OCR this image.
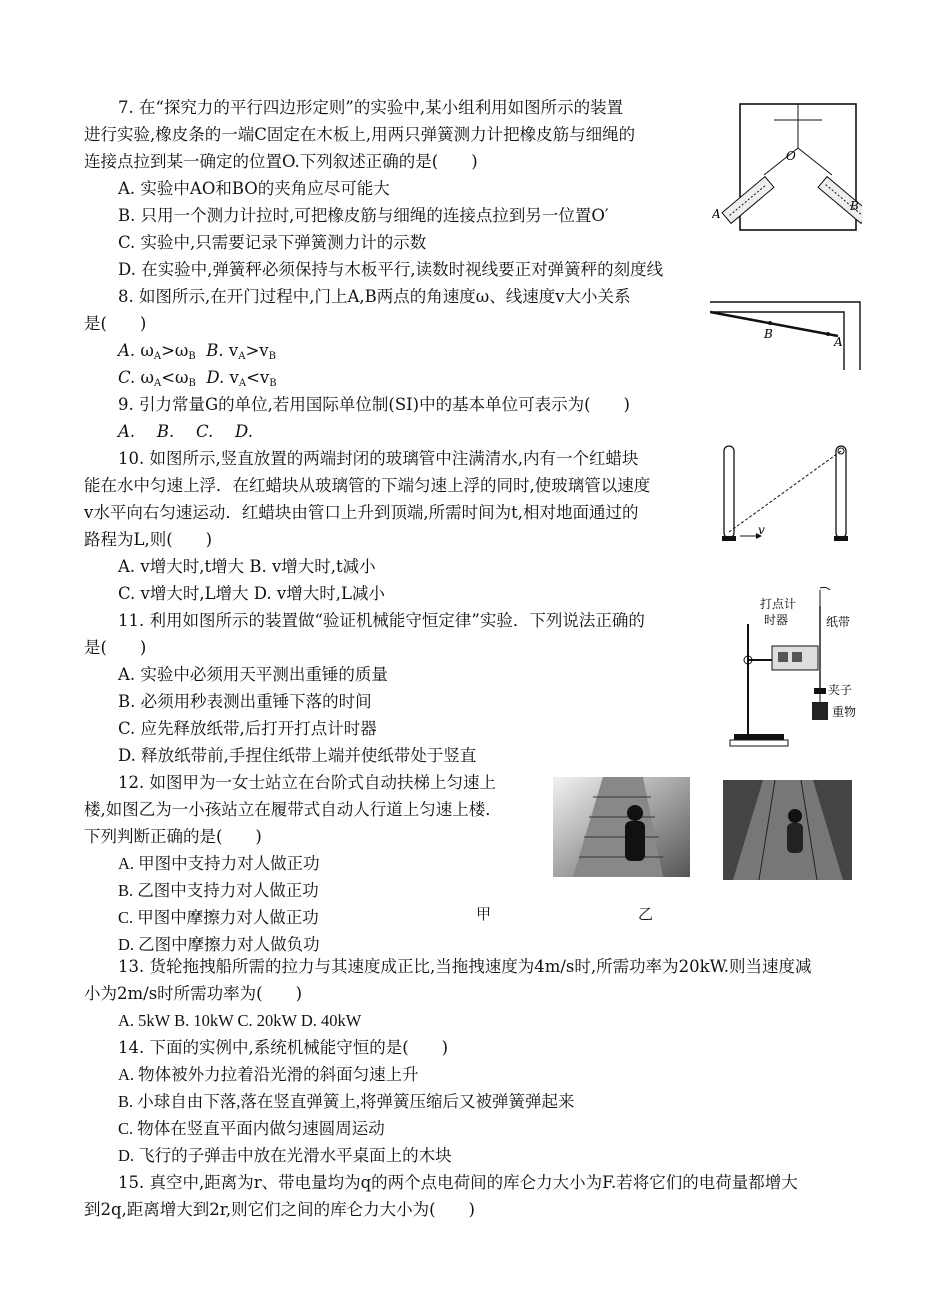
7. 在“探究力的平行四边形定则”的实验中,某小组利用如图所示的装置
进行实验,橡皮条的一端C固定在木板上,用两只弹簧测力计把橡皮筋与细绳的
连接点拉到某一确定的位置O.下列叙述正确的是(　　)
A. 实验中AO和BO的夹角应尽可能大
B. 只用一个测力计拉时,可把橡皮筋与细绳的连接点拉到另一位置O′
C. 实验中,只需要记录下弹簧测力计的示数
D. 在实验中,弹簧秤必须保持与木板平行,读数时视线要正对弹簧秤的刻度线
O
A
B
8. 如图所示,在开门过程中,门上A,B两点的角速度ω、线速度v大小关系
是(　　)
A. $\omega_A>\omega_B$ B. $v_A>v_B$
C. $\omega_A<\omega_B$ D. $v_A<v_B$
B
A
9. 引力常量G的单位,若用国际单位制(SI)中的基本单位可表示为(　　)
A.　 B.　 C.　 D.
10. 如图所示,竖直放置的两端封闭的玻璃管中注满清水,内有一个红蜡块
能在水中匀速上浮．在红蜡块从玻璃管的下端匀速上浮的同时,使玻璃管以速度
v水平向右匀速运动．红蜡块由管口上升到顶端,所需时间为t,相对地面通过的
路程为L,则(　　)
A. v增大时,t增大 B. v增大时,t减小
C. v增大时,L增大 D. v增大时,L减小
v
11. 利用如图所示的装置做“验证机械能守恒定律”实验．下列说法正确的
是(　　)
A. 实验中必须用天平测出重锤的质量
B. 必须用秒表测出重锤下落的时间
C. 应先释放纸带,后打开打点计时器
D. 释放纸带前,手捏住纸带上端并使纸带处于竖直
打点计
时器	纸带
夹子
重物
12. 如图甲为一女士站立在台阶式自动扶梯上匀速上
楼,如图乙为一小孩站立在履带式自动人行道上匀速上楼．
下列判断正确的是(　　)
A. 甲图中支持力对人做正功
B. 乙图中支持力对人做正功
C. 甲图中摩擦力对人做正功
D. 乙图中摩擦力对人做负功
甲	乙
13. 货轮拖拽船所需的拉力与其速度成正比,当拖拽速度为4m/s时,所需功率为20kW.则当速度减
小为2m/s时所需功率为(　　)
A. 5kW B. 10kW C. 20kW D. 40kW
14. 下面的实例中,系统机械能守恒的是(　　)
A. 物体被外力拉着沿光滑的斜面匀速上升
B. 小球自由下落,落在竖直弹簧上,将弹簧压缩后又被弹簧弹起来
C. 物体在竖直平面内做匀速圆周运动
D. 飞行的子弹击中放在光滑水平桌面上的木块
15. 真空中,距离为r、带电量均为q的两个点电荷间的库仑力大小为F.若将它们的电荷量都增大
到2q,距离增大到2r,则它们之间的库仑力大小为(　　)
